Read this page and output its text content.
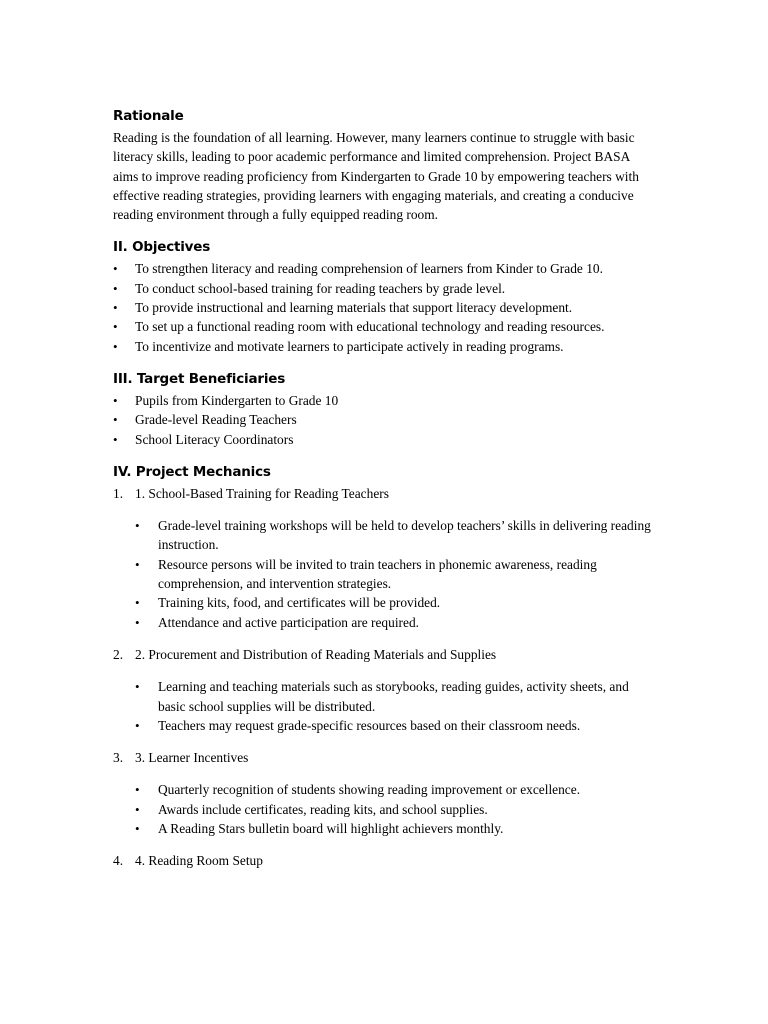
Rationale

Reading is the foundation of all learning. However, many learners continue to struggle with basic literacy skills, leading to poor academic performance and limited comprehension. Project BASA aims to improve reading proficiency from Kindergarten to Grade 10 by empowering teachers with effective reading strategies, providing learners with engaging materials, and creating a conducive reading environment through a fully equipped reading room.

II. Objectives
• To strengthen literacy and reading comprehension of learners from Kinder to Grade 10.
• To conduct school-based training for reading teachers by grade level.
• To provide instructional and learning materials that support literacy development.
• To set up a functional reading room with educational technology and reading resources.
• To incentivize and motivate learners to participate actively in reading programs.
III. Target Beneficiaries
• Pupils from Kindergarten to Grade 10
• Grade-level Reading Teachers
• School Literacy Coordinators
IV. Project Mechanics
1. 1. School-Based Training for Reading Teachers
• Grade-level training workshops will be held to develop teachers’ skills in delivering reading instruction.
• Resource persons will be invited to train teachers in phonemic awareness, reading comprehension, and intervention strategies.
• Training kits, food, and certificates will be provided.
• Attendance and active participation are required.
2. 2. Procurement and Distribution of Reading Materials and Supplies
• Learning and teaching materials such as storybooks, reading guides, activity sheets, and basic school supplies will be distributed.
• Teachers may request grade-specific resources based on their classroom needs.
3. 3. Learner Incentives
• Quarterly recognition of students showing reading improvement or excellence.
• Awards include certificates, reading kits, and school supplies.
• A Reading Stars bulletin board will highlight achievers monthly.
4. 4. Reading Room Setup
